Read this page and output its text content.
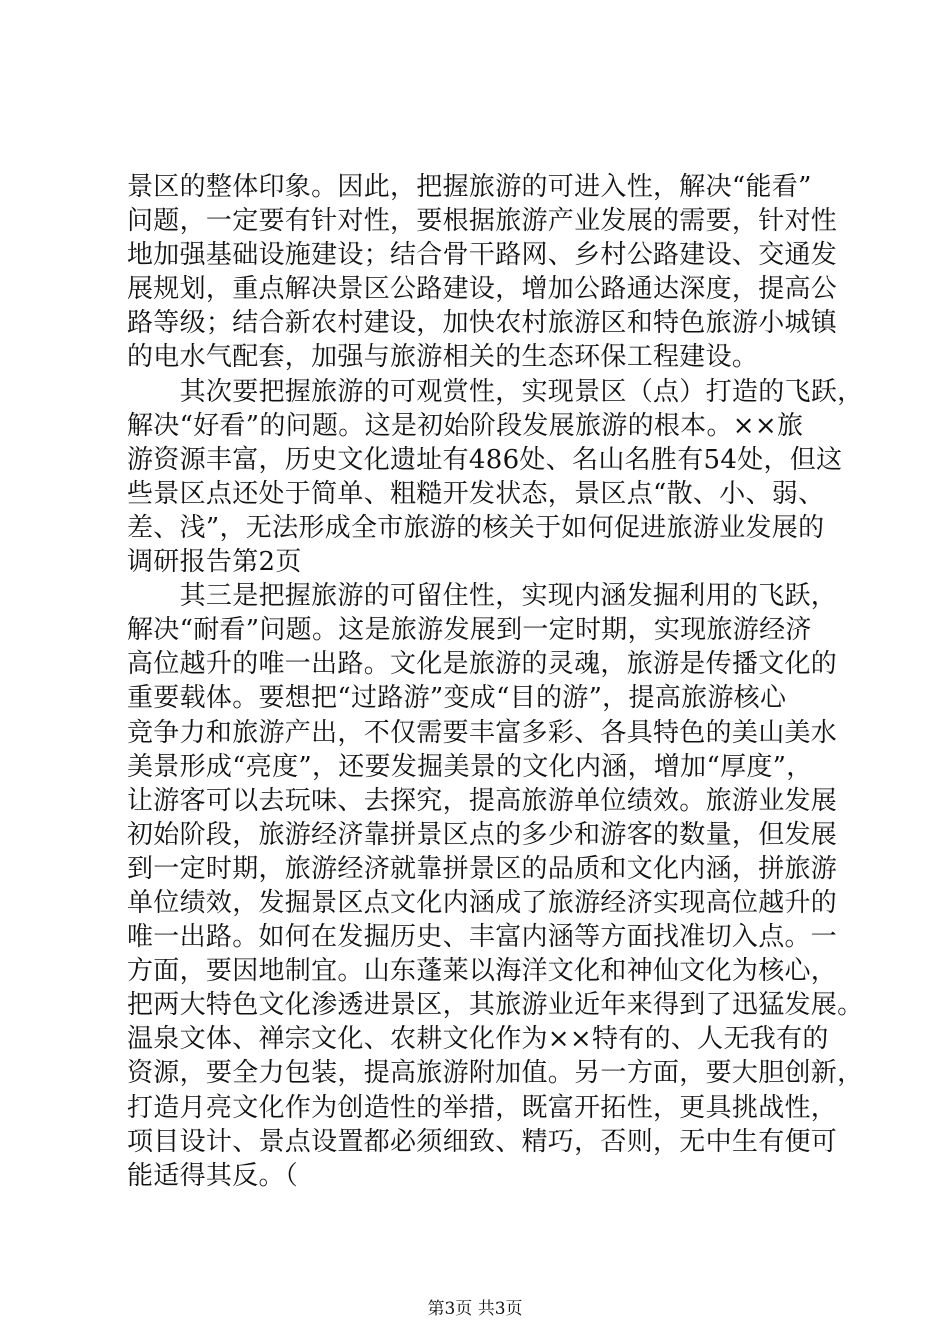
景区的整体印象。因此，把握旅游的可进入性，解决“能看”
问题，一定要有针对性，要根据旅游产业发展的需要，针对性
地加强基础设施建设；结合骨干路网、乡村公路建设、交通发
展规划，重点解决景区公路建设，增加公路通达深度，提高公
路等级；结合新农村建设，加快农村旅游区和特色旅游小城镇
的电水气配套，加强与旅游相关的生态环保工程建设。
　　其次要把握旅游的可观赏性，实现景区（点）打造的飞跃，
解决“好看”的问题。这是初始阶段发展旅游的根本。××旅
游资源丰富，历史文化遗址有486处、名山名胜有54处，但这
些景区点还处于简单、粗糙开发状态，景区点“散、小、弱、
差、浅”，无法形成全市旅游的核关于如何促进旅游业发展的
调研报告第2页
　　其三是把握旅游的可留住性，实现内涵发掘利用的飞跃，
解决“耐看”问题。这是旅游发展到一定时期，实现旅游经济
高位越升的唯一出路。文化是旅游的灵魂，旅游是传播文化的
重要载体。要想把“过路游”变成“目的游”，提高旅游核心
竞争力和旅游产出，不仅需要丰富多彩、各具特色的美山美水
美景形成“亮度”，还要发掘美景的文化内涵，增加“厚度”，
让游客可以去玩味、去探究，提高旅游单位绩效。旅游业发展
初始阶段，旅游经济靠拼景区点的多少和游客的数量，但发展
到一定时期，旅游经济就靠拼景区的品质和文化内涵，拼旅游
单位绩效，发掘景区点文化内涵成了旅游经济实现高位越升的
唯一出路。如何在发掘历史、丰富内涵等方面找准切入点。一
方面，要因地制宜。山东蓬莱以海洋文化和神仙文化为核心，
把两大特色文化渗透进景区，其旅游业近年来得到了迅猛发展。
温泉文体、禅宗文化、农耕文化作为××特有的、人无我有的
资源，要全力包装，提高旅游附加值。另一方面，要大胆创新，
打造月亮文化作为创造性的举措，既富开拓性，更具挑战性，
项目设计、景点设置都必须细致、精巧，否则，无中生有便可
能适得其反。（
第3页 共3页
